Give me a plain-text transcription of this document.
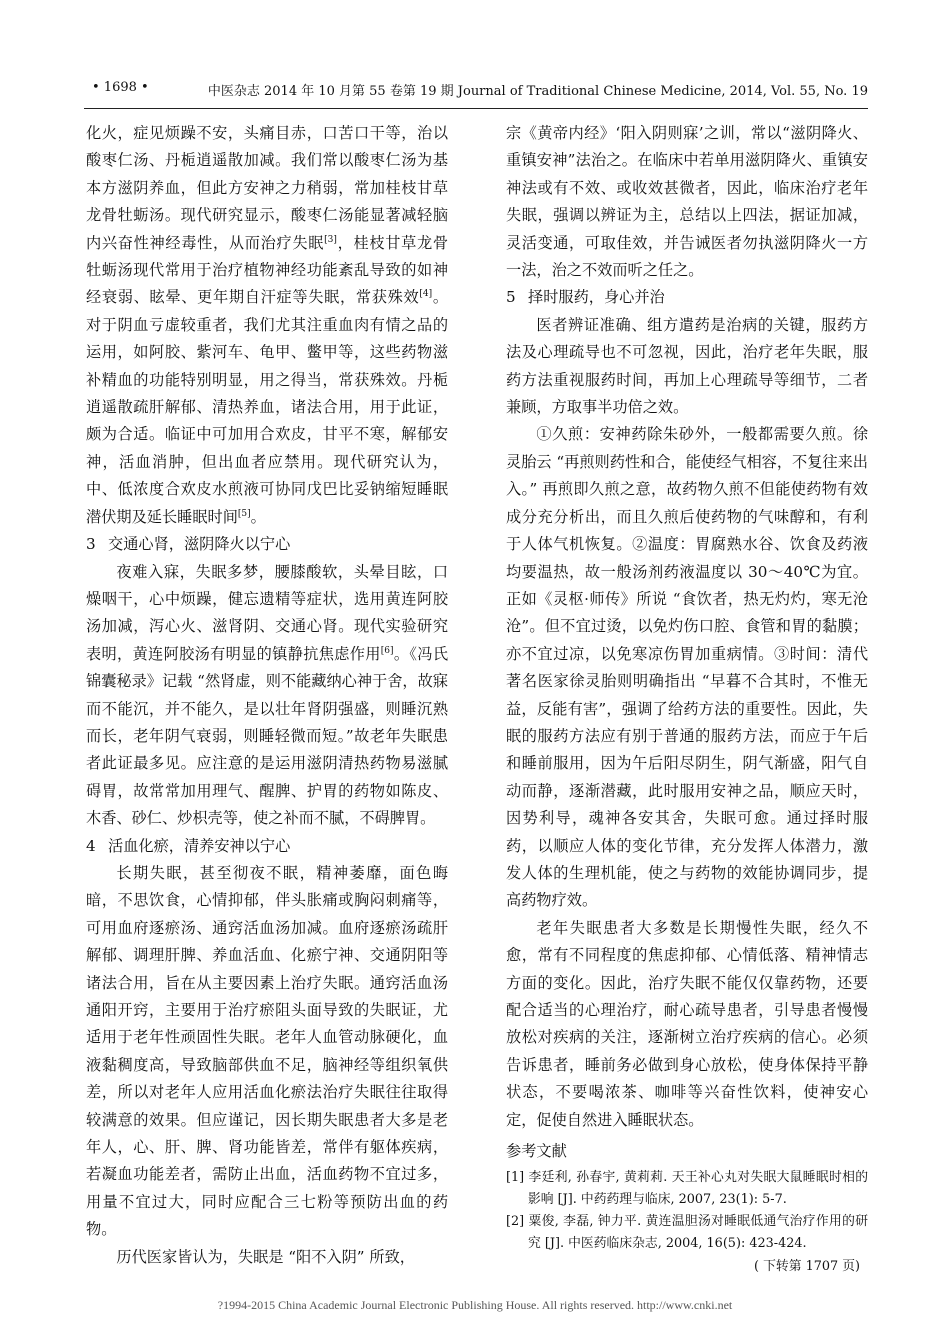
• 1698 •	中医杂志 2014 年 10 月第 55 卷第 19 期 Journal of Traditional Chinese Medicine, 2014, Vol. 55, No. 19

化火，症见烦躁不安，头痛目赤，口苦口干等，治以酸枣仁汤、丹栀逍遥散加减。我们常以酸枣仁汤为基本方滋阴养血，但此方安神之力稍弱，常加桂枝甘草龙骨牡蛎汤。现代研究显示，酸枣仁汤能显著减轻脑内兴奋性神经毒性，从而治疗失眠[3]，桂枝甘草龙骨牡蛎汤现代常用于治疗植物神经功能紊乱导致的如神经衰弱、眩晕、更年期自汗症等失眠，常获殊效[4]。对于阴血亏虚较重者，我们尤其注重血肉有情之品的运用，如阿胶、紫河车、龟甲、鳖甲等，这些药物滋补精血的功能特别明显，用之得当，常获殊效。丹栀逍遥散疏肝解郁、清热养血，诸法合用，用于此证，颇为合适。临证中可加用合欢皮，甘平不寒，解郁安神，活血消肿，但出血者应禁用。现代研究认为，中、低浓度合欢皮水煎液可协同戊巴比妥钠缩短睡眠潜伏期及延长睡眠时间[5]。

3 交通心肾，滋阴降火以宁心

夜难入寐，失眠多梦，腰膝酸软，头晕目眩，口燥咽干，心中烦躁，健忘遗精等症状，选用黄连阿胶汤加减，泻心火、滋肾阴、交通心肾。现代实验研究表明，黄连阿胶汤有明显的镇静抗焦虑作用[6]。《冯氏锦囊秘录》记载 “然肾虚，则不能藏纳心神于舍，故寐而不能沉，并不能久，是以壮年肾阴强盛，则睡沉熟而长，老年阴气衰弱，则睡轻微而短。”故老年失眠患者此证最多见。应注意的是运用滋阴清热药物易滋腻碍胃，故常常加用理气、醒脾、护胃的药物如陈皮、木香、砂仁、炒枳壳等，使之补而不腻，不碍脾胃。

4 活血化瘀，清养安神以宁心

长期失眠，甚至彻夜不眠，精神萎靡，面色晦暗，不思饮食，心情抑郁，伴头胀痛或胸闷刺痛等，可用血府逐瘀汤、通窍活血汤加减。血府逐瘀汤疏肝解郁、调理肝脾、养血活血、化瘀宁神、交通阴阳等诸法合用，旨在从主要因素上治疗失眠。通窍活血汤通阳开窍，主要用于治疗瘀阻头面导致的失眠证，尤适用于老年性顽固性失眠。老年人血管动脉硬化，血液黏稠度高，导致脑部供血不足，脑神经等组织氧供差，所以对老年人应用活血化瘀法治疗失眠往往取得较满意的效果。但应谨记，因长期失眠患者大多是老年人，心、肝、脾、肾功能皆差，常伴有躯体疾病，若凝血功能差者，需防止出血，活血药物不宜过多，用量不宜过大，同时应配合三七粉等预防出血的药物。

历代医家皆认为，失眠是 “阳不入阴” 所致，

宗《黄帝内经》‘阳入阴则寐’之训，常以“滋阴降火、重镇安神”法治之。在临床中若单用滋阴降火、重镇安神法或有不效、或收效甚微者，因此，临床治疗老年失眠，强调以辨证为主，总结以上四法，据证加减，灵活变通，可取佳效，并告诫医者勿执滋阴降火一方一法，治之不效而听之任之。

5 择时服药，身心并治

医者辨证准确、组方遣药是治病的关键，服药方法及心理疏导也不可忽视，因此，治疗老年失眠，服药方法重视服药时间，再加上心理疏导等细节，二者兼顾，方取事半功倍之效。

①久煎：安神药除朱砂外，一般都需要久煎。徐灵胎云 “再煎则药性和合，能使经气相容，不复往来出入。” 再煎即久煎之意，故药物久煎不但能使药物有效成分充分析出，而且久煎后使药物的气味醇和，有利于人体气机恢复。②温度：胃腐熟水谷、饮食及药液均要温热，故一般汤剂药液温度以 30～40℃为宜。正如《灵枢·师传》所说 “食饮者，热无灼灼，寒无沧沧”。但不宜过烫，以免灼伤口腔、食管和胃的黏膜；亦不宜过凉，以免寒凉伤胃加重病情。③时间：清代著名医家徐灵胎则明确指出 “早暮不合其时，不惟无益，反能有害”，强调了给药方法的重要性。因此，失眠的服药方法应有别于普通的服药方法，而应于午后和睡前服用，因为午后阳尽阴生，阴气渐盛，阳气自动而静，逐渐潜藏，此时服用安神之品，顺应天时，因势利导，魂神各安其舍，失眠可愈。通过择时服药，以顺应人体的变化节律，充分发挥人体潜力，激发人体的生理机能，使之与药物的效能协调同步，提高药物疗效。

老年失眠患者大多数是长期慢性失眠，经久不愈，常有不同程度的焦虑抑郁、心情低落、精神情志方面的变化。因此，治疗失眠不能仅仅靠药物，还要配合适当的心理治疗，耐心疏导患者，引导患者慢慢放松对疾病的关注，逐渐树立治疗疾病的信心。必须告诉患者，睡前务必做到身心放松，使身体保持平静状态，不要喝浓茶、咖啡等兴奋性饮料，使神安心定，促使自然进入睡眠状态。

参考文献

[1] 李廷利, 孙春宇, 黄莉莉. 天王补心丸对失眠大鼠睡眠时相的影响 [J]. 中药药理与临床, 2007, 23(1): 5-7.

[2] 粟俊, 李磊, 钟力平. 黄连温胆汤对睡眠低通气治疗作用的研究 [J]. 中医药临床杂志, 2004, 16(5): 423-424.

( 下转第 1707 页)

?1994-2015 China Academic Journal Electronic Publishing House. All rights reserved. http://www.cnki.net
